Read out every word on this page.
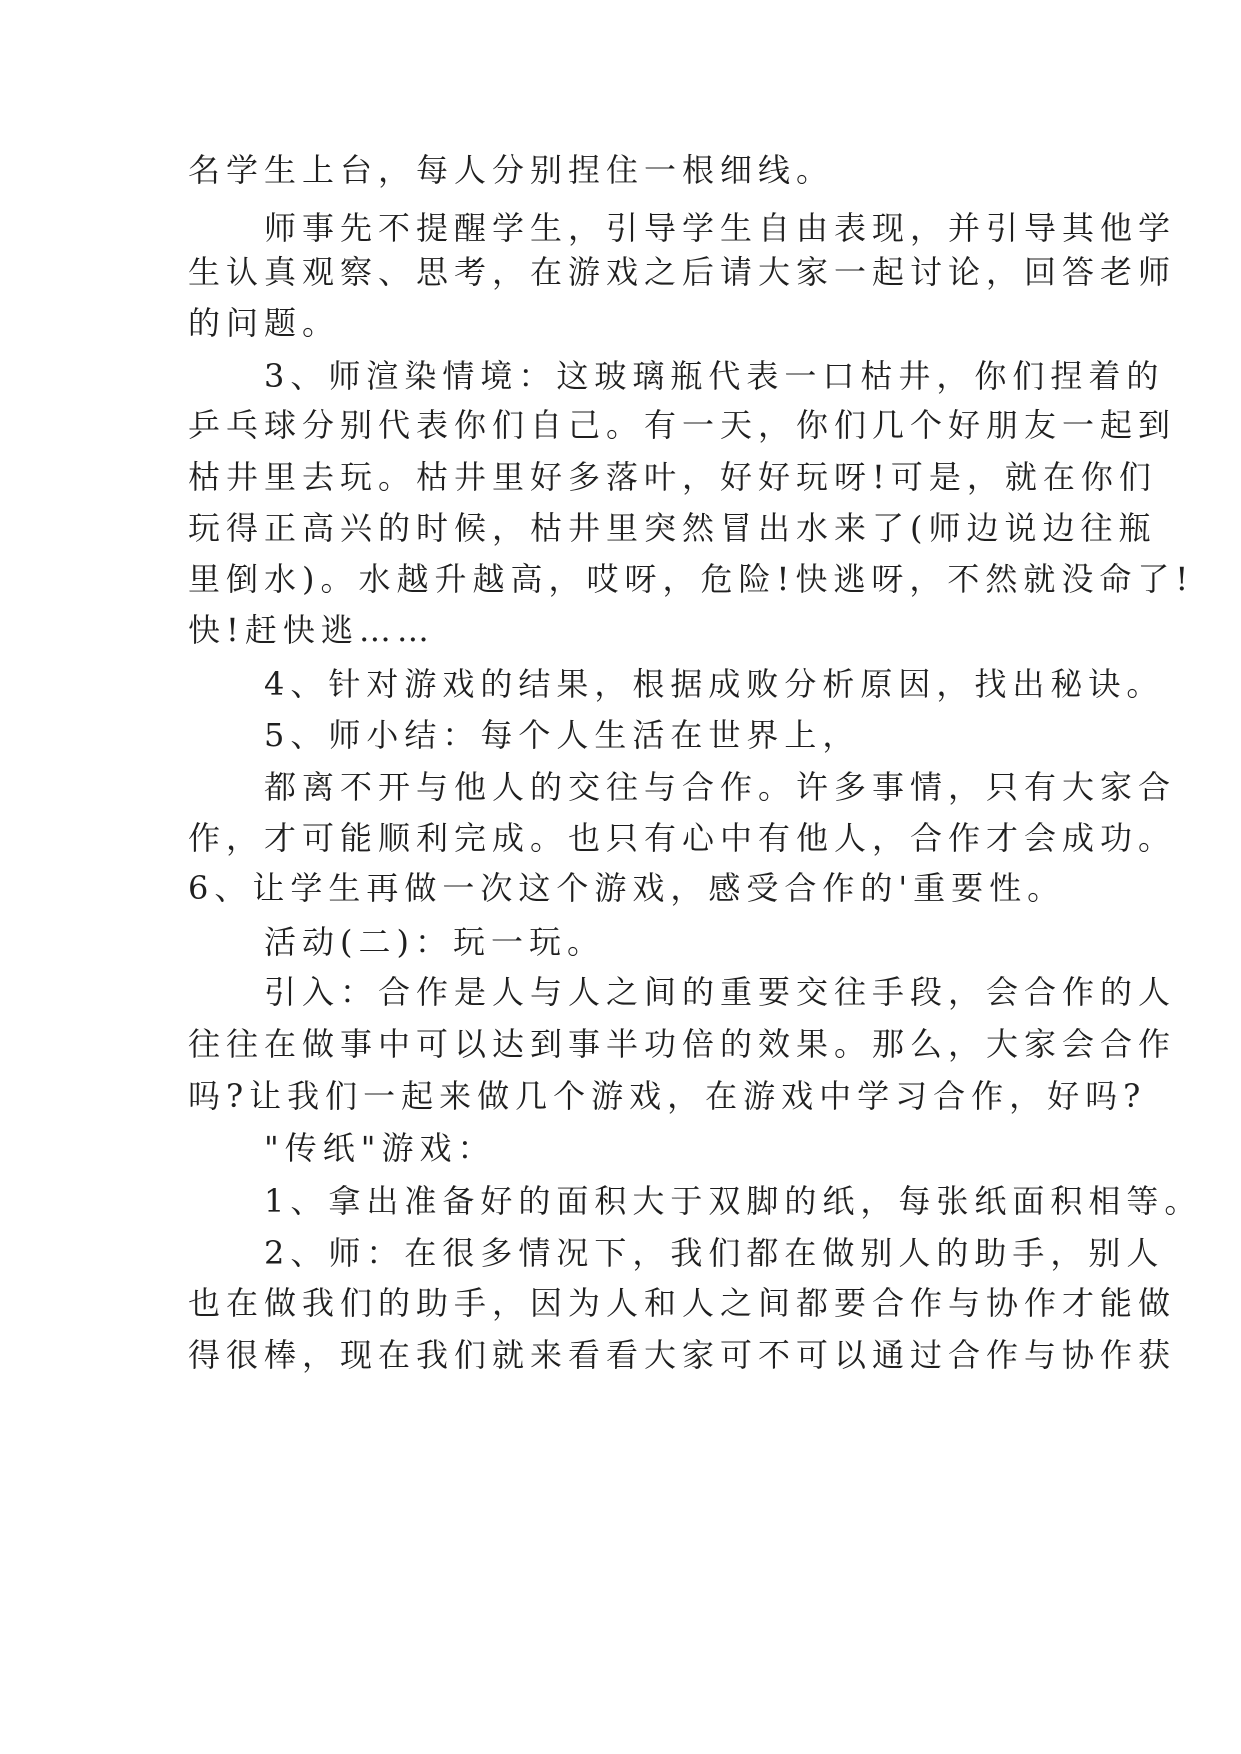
名学生上台，每人分别捏住一根细线。
　　师事先不提醒学生，引导学生自由表现，并引导其他学
生认真观察、思考，在游戏之后请大家一起讨论，回答老师
的问题。
　　3、师渲染情境：这玻璃瓶代表一口枯井，你们捏着的
乒乓球分别代表你们自己。有一天，你们几个好朋友一起到
枯井里去玩。枯井里好多落叶，好好玩呀!可是，就在你们
玩得正高兴的时候，枯井里突然冒出水来了(师边说边往瓶
里倒水)。水越升越高，哎呀，危险!快逃呀，不然就没命了!
快!赶快逃……
　　4、针对游戏的结果，根据成败分析原因，找出秘诀。
　　5、师小结：每个人生活在世界上，
　　都离不开与他人的交往与合作。许多事情，只有大家合
作，才可能顺利完成。也只有心中有他人，合作才会成功。
6、让学生再做一次这个游戏，感受合作的'重要性。
　　活动(二)：玩一玩。
　　引入：合作是人与人之间的重要交往手段，会合作的人
往往在做事中可以达到事半功倍的效果。那么，大家会合作
吗?让我们一起来做几个游戏，在游戏中学习合作，好吗?
　　"传纸"游戏：
　　1、拿出准备好的面积大于双脚的纸，每张纸面积相等。
　　2、师：在很多情况下，我们都在做别人的助手，别人
也在做我们的助手，因为人和人之间都要合作与协作才能做
得很棒，现在我们就来看看大家可不可以通过合作与协作获
